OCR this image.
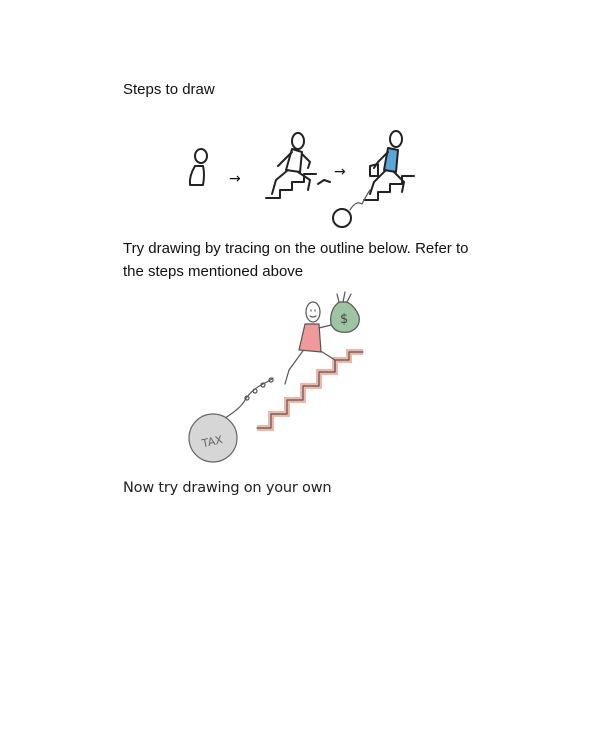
Steps to draw
→	→
Try drawing by tracing on the outline below. Refer to
the steps mentioned above
TAX
$
Now try drawing on your own
